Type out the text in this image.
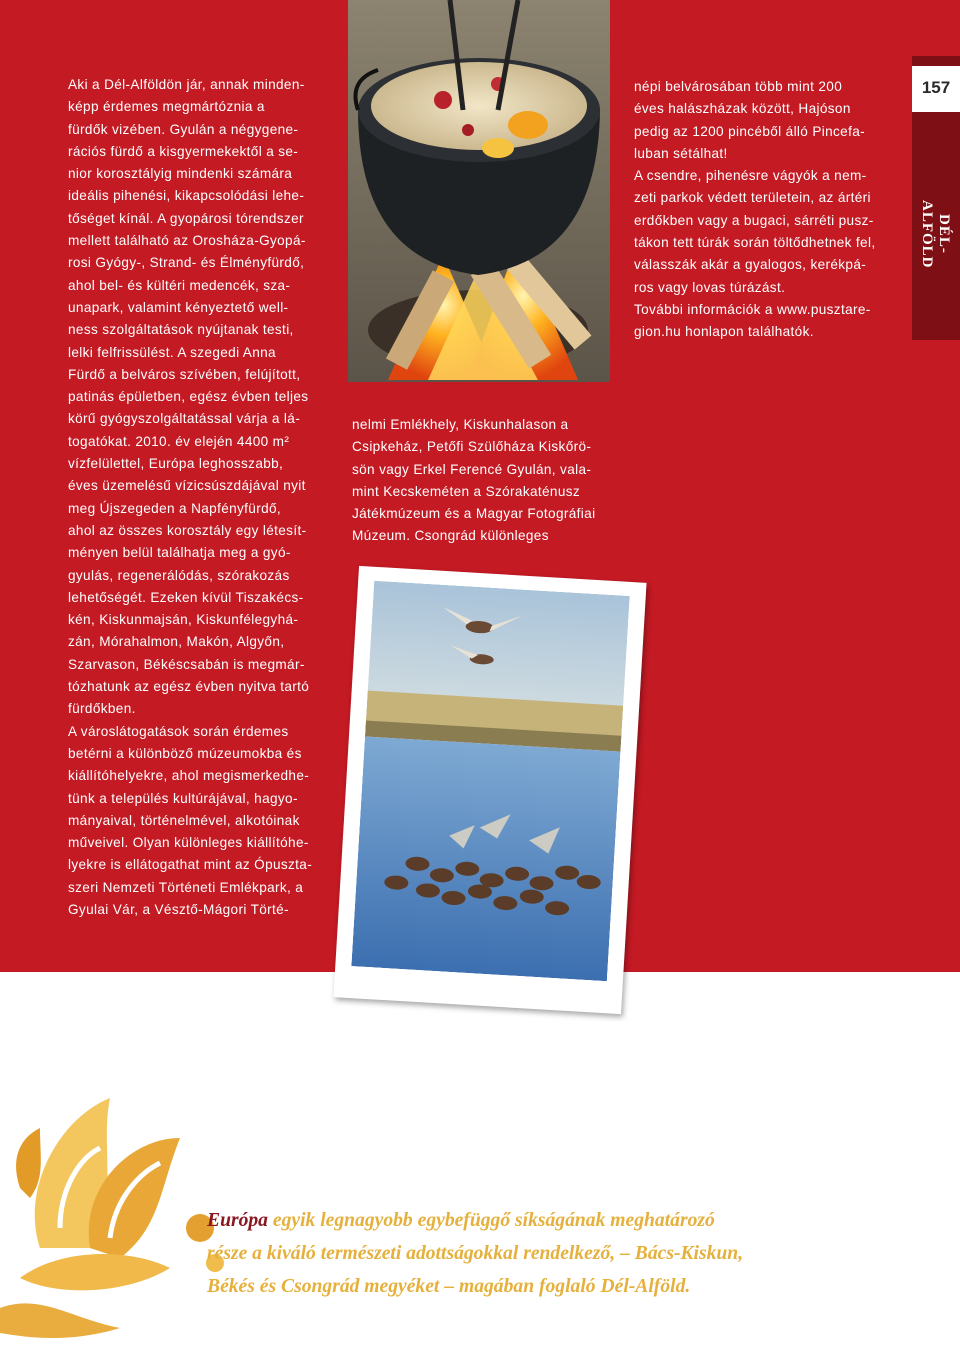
157
DÉL-ALFÖLD
Aki a Dél-Alföldön jár, annak minden-
képp érdemes megmártóznia a
fürdők vizében. Gyulán a négygene-
rációs fürdő a kisgyermekektől a se-
nior korosztályig mindenki számára
ideális pihenési, kikapcsolódási lehe-
tőséget kínál. A gyopárosi tórendszer
mellett található az Orosháza-Gyopá-
rosi Gyógy-, Strand- és Élményfürdő,
ahol bel- és kültéri medencék, sza-
unapark, valamint kényeztető well-
ness szolgáltatások nyújtanak testi,
lelki felfrissülést. A szegedi Anna
Fürdő a belváros szívében, felújított,
patinás épületben, egész évben teljes
körű gyógyszolgáltatással várja a lá-
togatókat. 2010. év elején 4400 m²
vízfelülettel, Európa leghosszabb,
éves üzemelésű vízicsúszdájával nyit
meg Újszegeden a Napfényfürdő,
ahol az összes korosztály egy létesít-
ményen belül találhatja meg a gyó-
gyulás, regenerálódás, szórakozás
lehetőségét. Ezeken kívül Tiszakécs-
kén, Kiskunmajsán, Kiskunfélegyhá-
zán, Mórahalmon, Makón, Algyőn,
Szarvason, Békéscsabán is megmár-
tózhatunk az egész évben nyitva tartó
fürdőkben.
A városlátogatások során érdemes
betérni a különböző múzeumokba és
kiállítóhelyekre, ahol megismerkedhe-
tünk a település kultúrájával, hagyo-
mányaival, történelmével, alkotóinak
műveivel. Olyan különleges kiállítóhe-
lyekre is ellátogathat mint az Ópuszta-
szeri Nemzeti Történeti Emlékpark, a
Gyulai Vár, a Vésztő-Mágori Törté-
nelmi Emlékhely, Kiskunhalason a
Csipkeház, Petőfi Szülőháza Kiskőrö-
sön vagy Erkel Ferencé Gyulán, vala-
mint Kecskeméten a Szórakaténusz
Játékmúzeum és a Magyar Fotográfiai
Múzeum. Csongrád különleges
népi belvárosában több mint 200
éves halászházak között, Hajóson
pedig az 1200 pincéből álló Pincefa-
luban sétálhat!
A csendre, pihenésre vágyók a nem-
zeti parkok védett területein, az ártéri
erdőkben vagy a bugaci, sárréti pusz-
tákon tett túrák során töltődhetnek fel,
válasszák akár a gyalogos, kerékpá-
ros vagy lovas túrázást.
További információk a www.pusztare-
gion.hu honlapon találhatók.
Európa egyik legnagyobb egybefüggő síkságának meghatározó
része a kiváló természeti adottságokkal rendelkező, – Bács-Kiskun,
Békés és Csongrád megyéket – magában foglaló Dél-Alföld.
